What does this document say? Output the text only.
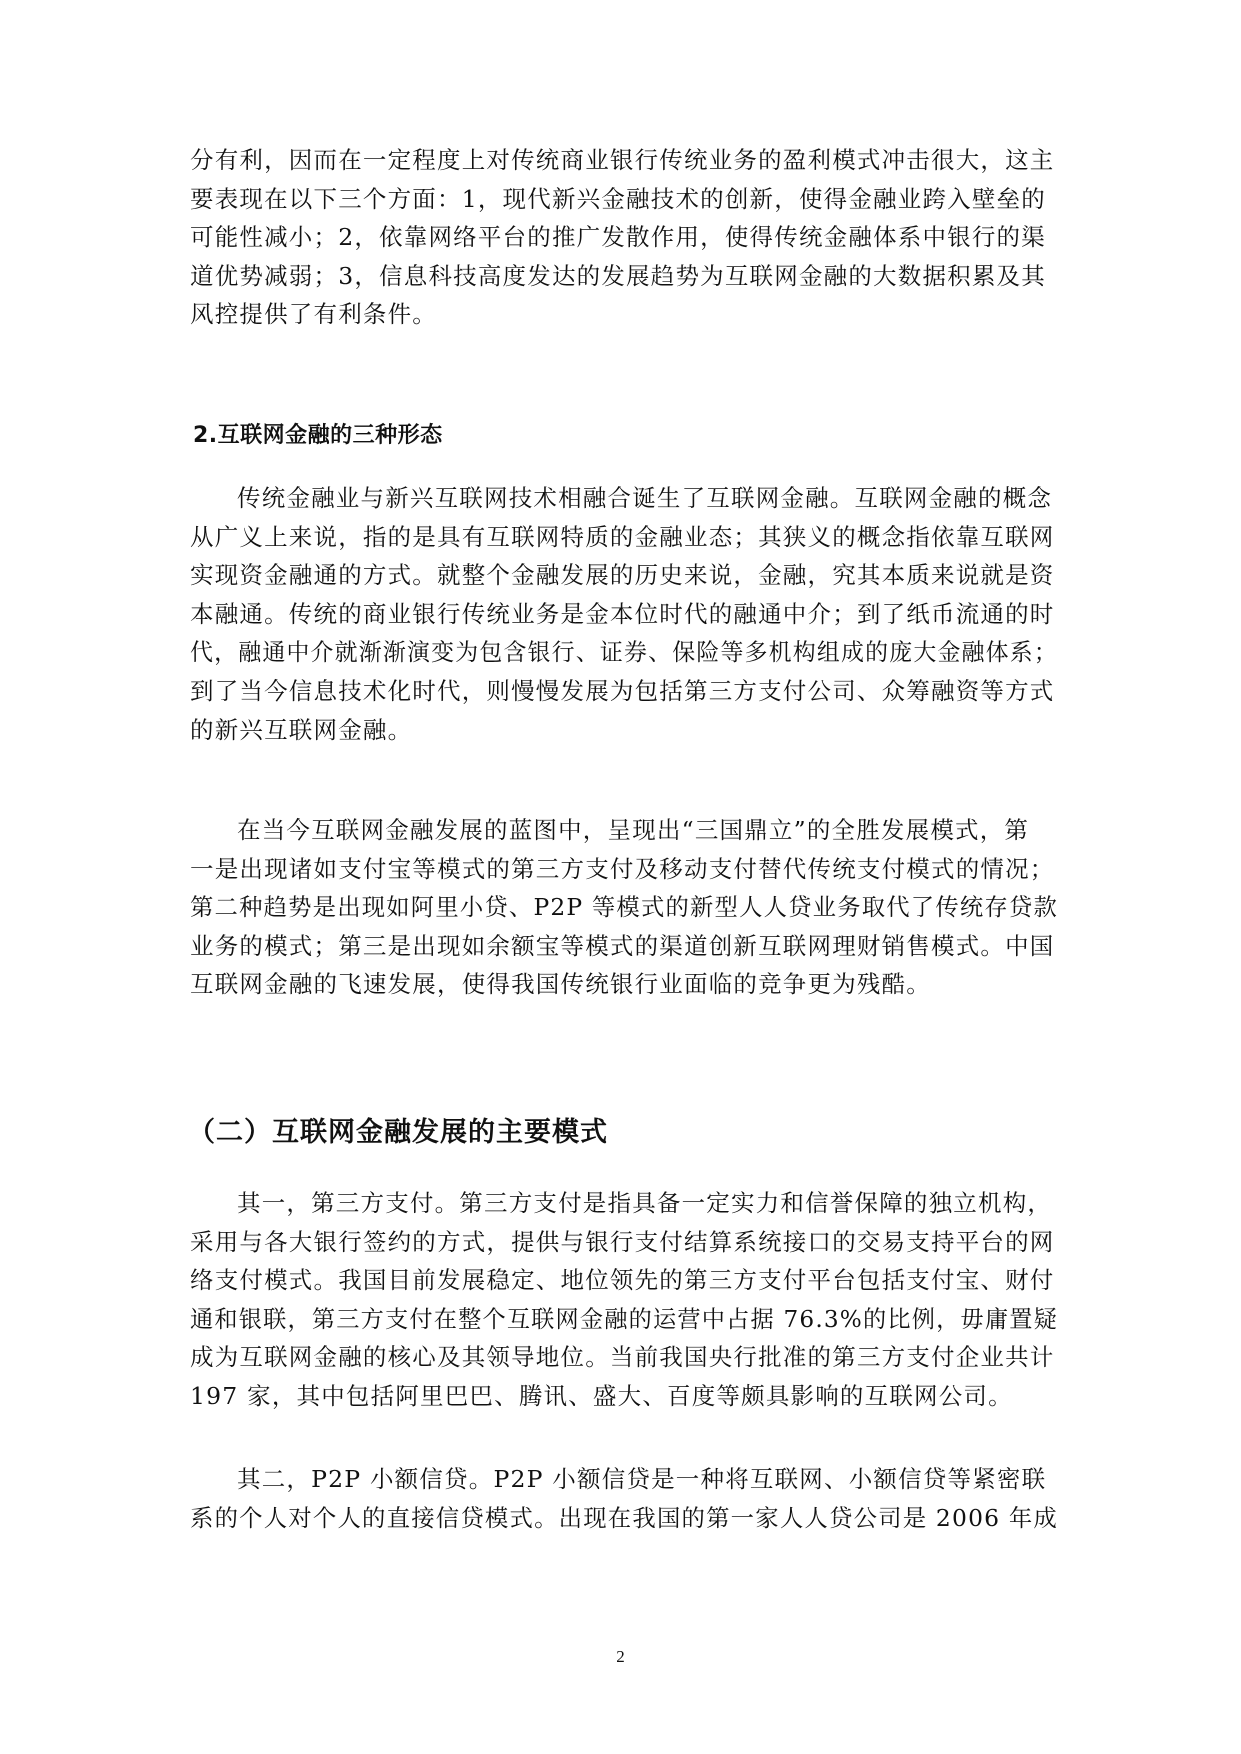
分有利，因而在一定程度上对传统商业银行传统业务的盈利模式冲击很大，这主
要表现在以下三个方面：1，现代新兴金融技术的创新，使得金融业跨入壁垒的
可能性减小；2，依靠网络平台的推广发散作用，使得传统金融体系中银行的渠
道优势减弱；3，信息科技高度发达的发展趋势为互联网金融的大数据积累及其
风控提供了有利条件。
2.互联网金融的三种形态
传统金融业与新兴互联网技术相融合诞生了互联网金融。互联网金融的概念
从广义上来说，指的是具有互联网特质的金融业态；其狭义的概念指依靠互联网
实现资金融通的方式。就整个金融发展的历史来说，金融，究其本质来说就是资
本融通。传统的商业银行传统业务是金本位时代的融通中介；到了纸币流通的时
代，融通中介就渐渐演变为包含银行、证券、保险等多机构组成的庞大金融体系；
到了当今信息技术化时代，则慢慢发展为包括第三方支付公司、众筹融资等方式
的新兴互联网金融。
在当今互联网金融发展的蓝图中，呈现出“三国鼎立”的全胜发展模式，第
一是出现诸如支付宝等模式的第三方支付及移动支付替代传统支付模式的情况；
第二种趋势是出现如阿里小贷、P2P 等模式的新型人人贷业务取代了传统存贷款
业务的模式；第三是出现如余额宝等模式的渠道创新互联网理财销售模式。中国
互联网金融的飞速发展，使得我国传统银行业面临的竞争更为残酷。
（二）互联网金融发展的主要模式
其一，第三方支付。第三方支付是指具备一定实力和信誉保障的独立机构，
采用与各大银行签约的方式，提供与银行支付结算系统接口的交易支持平台的网
络支付模式。我国目前发展稳定、地位领先的第三方支付平台包括支付宝、财付
通和银联，第三方支付在整个互联网金融的运营中占据 76.3%的比例，毋庸置疑
成为互联网金融的核心及其领导地位。当前我国央行批准的第三方支付企业共计
197 家，其中包括阿里巴巴、腾讯、盛大、百度等颇具影响的互联网公司。
其二，P2P 小额信贷。P2P 小额信贷是一种将互联网、小额信贷等紧密联
系的个人对个人的直接信贷模式。出现在我国的第一家人人贷公司是 2006 年成
2
